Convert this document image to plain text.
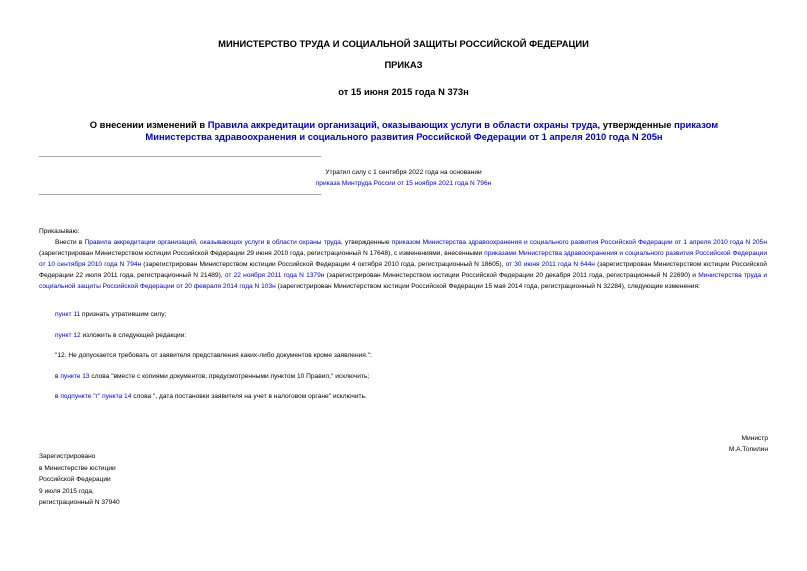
МИНИСТЕРСТВО ТРУДА И СОЦИАЛЬНОЙ ЗАЩИТЫ РОССИЙСКОЙ ФЕДЕРАЦИИ
ПРИКАЗ
от 15 июня 2015 года N 373н
О внесении изменений в Правила аккредитации организаций, оказывающих услуги в области охраны труда, утвержденные приказом Министерства здравоохранения и социального развития Российской Федерации от 1 апреля 2010 года N 205н
Утратил силу с 1 сентября 2022 года на основании
приказа Минтруда России от 15 ноября 2021 года N 796н
Приказываю:
Внести в Правила аккредитации организаций, оказывающих услуги в области охраны труда, утвержденные приказом Министерства здравоохранения и социального развития Российской Федерации от 1 апреля 2010 года N 205н (зарегистрирован Министерством юстиции Российской Федерации 29 июня 2010 года, регистрационный N 17648), с изменениями, внесенными приказами Министерства здравоохранения и социального развития Российской Федерации от 10 сентября 2010 года N 794н (зарегистрирован Министерством юстиции Российской Федерации 4 октября 2010 года, регистрационный N 18605), от 30 июня 2011 года N 644н (зарегистрирован Министерством юстиции Российской Федерации 22 июля 2011 года, регистрационный N 21489), от 22 ноября 2011 года N 1379н (зарегистрирован Министерством юстиции Российской Федерации 20 декабря 2011 года, регистрационный N 22690) и Министерства труда и социальной защиты Российской Федерации от 20 февраля 2014 года N 103н (зарегистрирован Министерством юстиции Российской Федерации 15 мая 2014 года, регистрационный N 32284), следующие изменения:
пункт 11 признать утратившим силу;
пункт 12 изложить в следующей редакции:
"12. Не допускается требовать от заявителя представления каких-либо документов кроме заявления.";
в пункте 13 слова "вместе с копиями документов, предусмотренными пунктом 10 Правил," исключить;
в подпункте "г" пункта 14 слова ", дата постановки заявителя на учет в налоговом органе" исключить.
Министр
М.А.Топилин
Зарегистрировано
в Министерстве юстиции
Российской Федерации
9 июля 2015 года,
регистрационный N 37940
